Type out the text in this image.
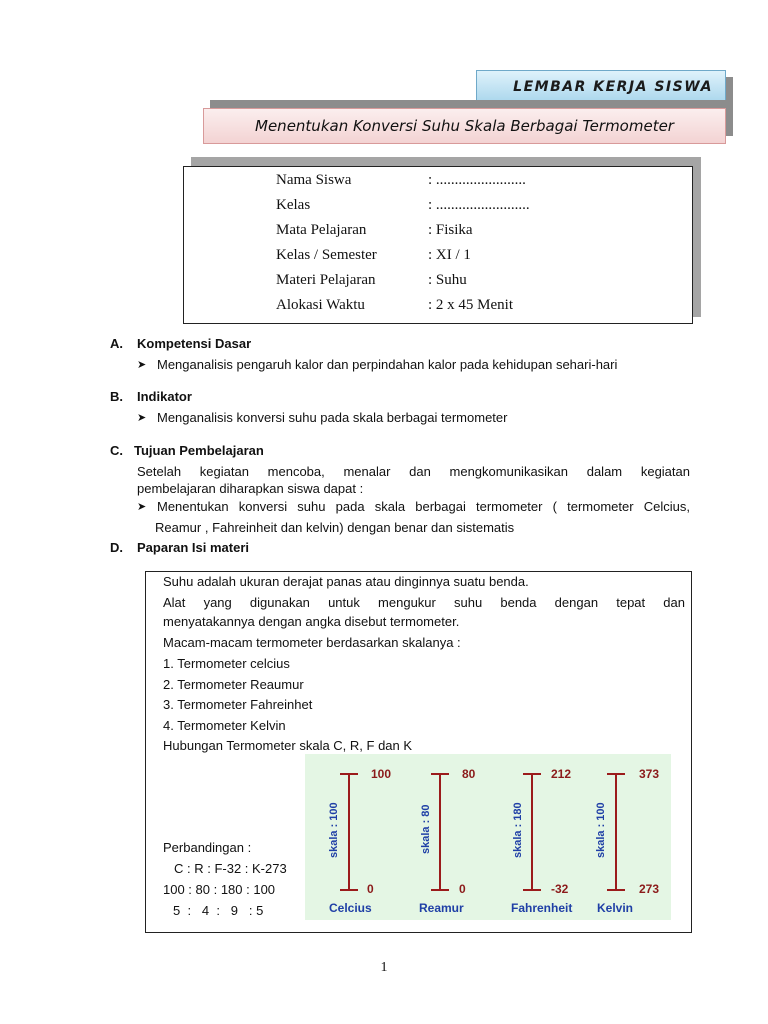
LEMBAR KERJA SISWA
Menentukan Konversi Suhu Skala Berbagai Termometer
Nama Siswa	: ........................
Kelas	: .........................
Mata Pelajaran	: Fisika
Kelas / Semester	: XI / 1
Materi Pelajaran	: Suhu
Alokasi Waktu	: 2 x 45 Menit
A. Kompetensi Dasar
➤ Menganalisis pengaruh kalor dan perpindahan kalor pada kehidupan sehari-hari
B. Indikator
➤ Menganalisis konversi suhu pada skala berbagai termometer
C. Tujuan Pembelajaran
Setelah kegiatan mencoba, menalar dan mengkomunikasikan dalam kegiatan
pembelajaran diharapkan siswa dapat :
➤ Menentukan konversi suhu pada skala berbagai termometer ( termometer Celcius,
Reamur , Fahreinheit dan kelvin) dengan benar dan sistematis
D. Paparan Isi materi
Suhu adalah ukuran derajat panas atau dinginnya suatu benda.
Alat yang digunakan untuk mengukur suhu benda dengan tepat dan
menyatakannya dengan angka disebut termometer.
Macam-macam termometer berdasarkan skalanya :
1. Termometer celcius
2. Termometer Reaumur
3. Termometer Fahreinhet
4. Termometer Kelvin
Hubungan Termometer skala C, R, F dan K
Perbandingan :
C : R : F-32 : K-273
100 : 80 : 180 : 100
5  :   4  :   9   : 5
100
0
skala : 100
Celcius
80
0
skala : 80
Reamur
212
-32
skala : 180
Fahrenheit
373
273
skala : 100
Kelvin
1
